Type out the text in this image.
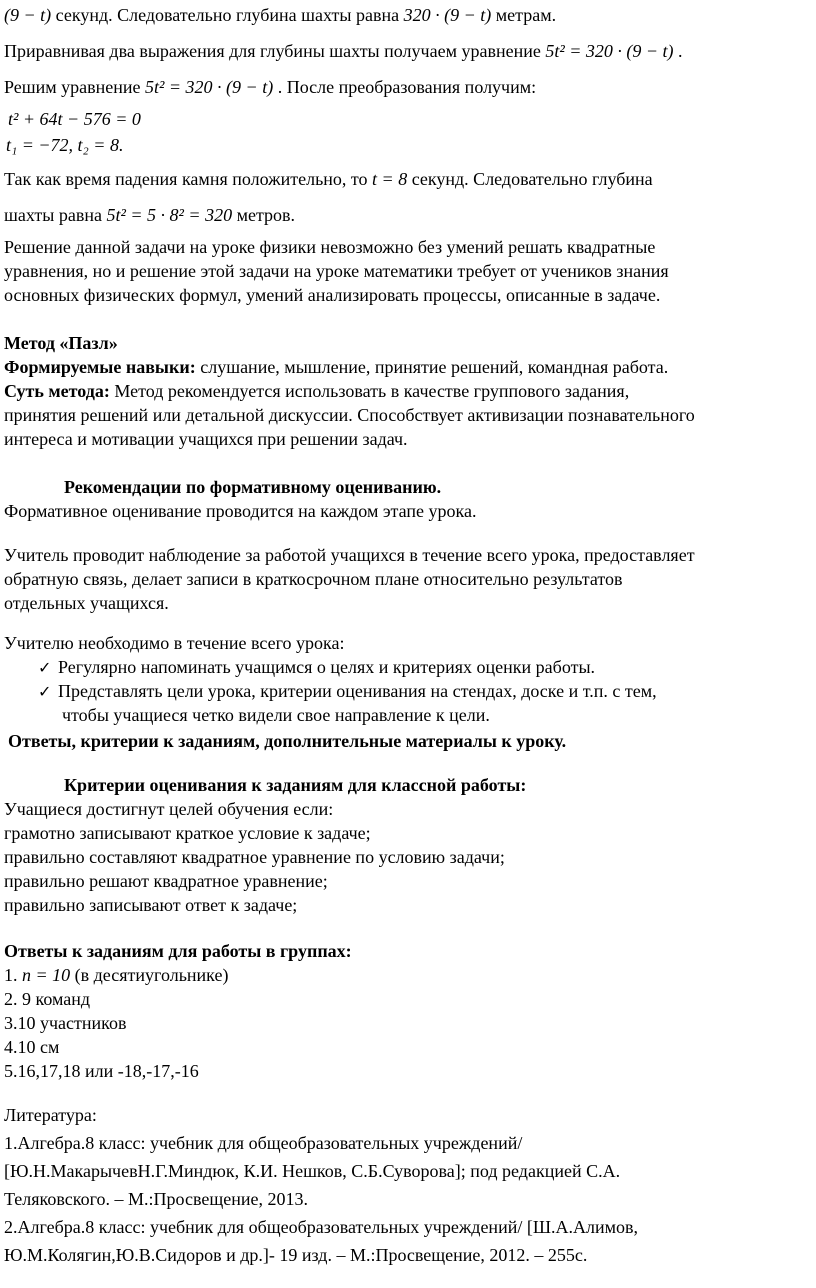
(9 − t) секунд. Следовательно глубина шахты равна 320 · (9 − t) метрам.
Приравнивая два выражения для глубины шахты получаем уравнение 5t² = 320 · (9 − t) .
Решим уравнение 5t² = 320 · (9 − t) . После преобразования получим:
t² + 64t − 576 = 0
t₁ = −72, t₂ = 8.
Так как время падения камня положительно, то t = 8 секунд. Следовательно глубина
шахты равна 5t² = 5 · 8² = 320 метров.
Решение данной задачи на уроке физики невозможно без умений решать квадратные
уравнения, но и решение этой задачи на уроке математики требует от учеников знания
основных физических формул, умений анализировать процессы, описанные в задаче.
Метод «Пазл»
Формируемые навыки: слушание, мышление, принятие решений, командная работа.
Суть метода: Метод рекомендуется использовать в качестве группового задания,
принятия решений или детальной дискуссии. Способствует активизации познавательного
интереса и мотивации учащихся при решении задач.
Рекомендации по формативному оцениванию.
Формативное оценивание проводится на каждом этапе урока.
Учитель проводит наблюдение за работой учащихся в течение всего урока, предоставляет
обратную связь, делает записи в краткосрочном плане относительно результатов
отдельных учащихся.
Учителю необходимо в течение всего урока:
✓ Регулярно напоминать учащимся о целях и критериях оценки работы.
✓ Представлять цели урока, критерии оценивания на стендах, доске и т.п. с тем,
чтобы учащиеся четко видели свое направление к цели.
Ответы, критерии к заданиям, дополнительные материалы к уроку.
Критерии оценивания к заданиям для классной работы:
Учащиеся достигнут целей обучения если:
грамотно записывают краткое условие к задаче;
правильно составляют квадратное уравнение по условию задачи;
правильно решают квадратное уравнение;
правильно записывают ответ к задаче;
Ответы к заданиям для работы в группах:
1. n = 10 (в десятиугольнике)
2. 9 команд
3.10 участников
4.10 см
5.16,17,18 или -18,-17,-16
Литература:
1.Алгебра.8 класс: учебник для общеобразовательных учреждений/
[Ю.Н.МакарычевН.Г.Миндюк, К.И. Нешков, С.Б.Суворова]; под редакцией С.А.
Теляковского. – М.:Просвещение, 2013.
2.Алгебра.8 класс: учебник для общеобразовательных учреждений/ [Ш.А.Алимов,
Ю.М.Колягин,Ю.В.Сидоров и др.]- 19 изд. – М.:Просвещение, 2012. – 255с.
